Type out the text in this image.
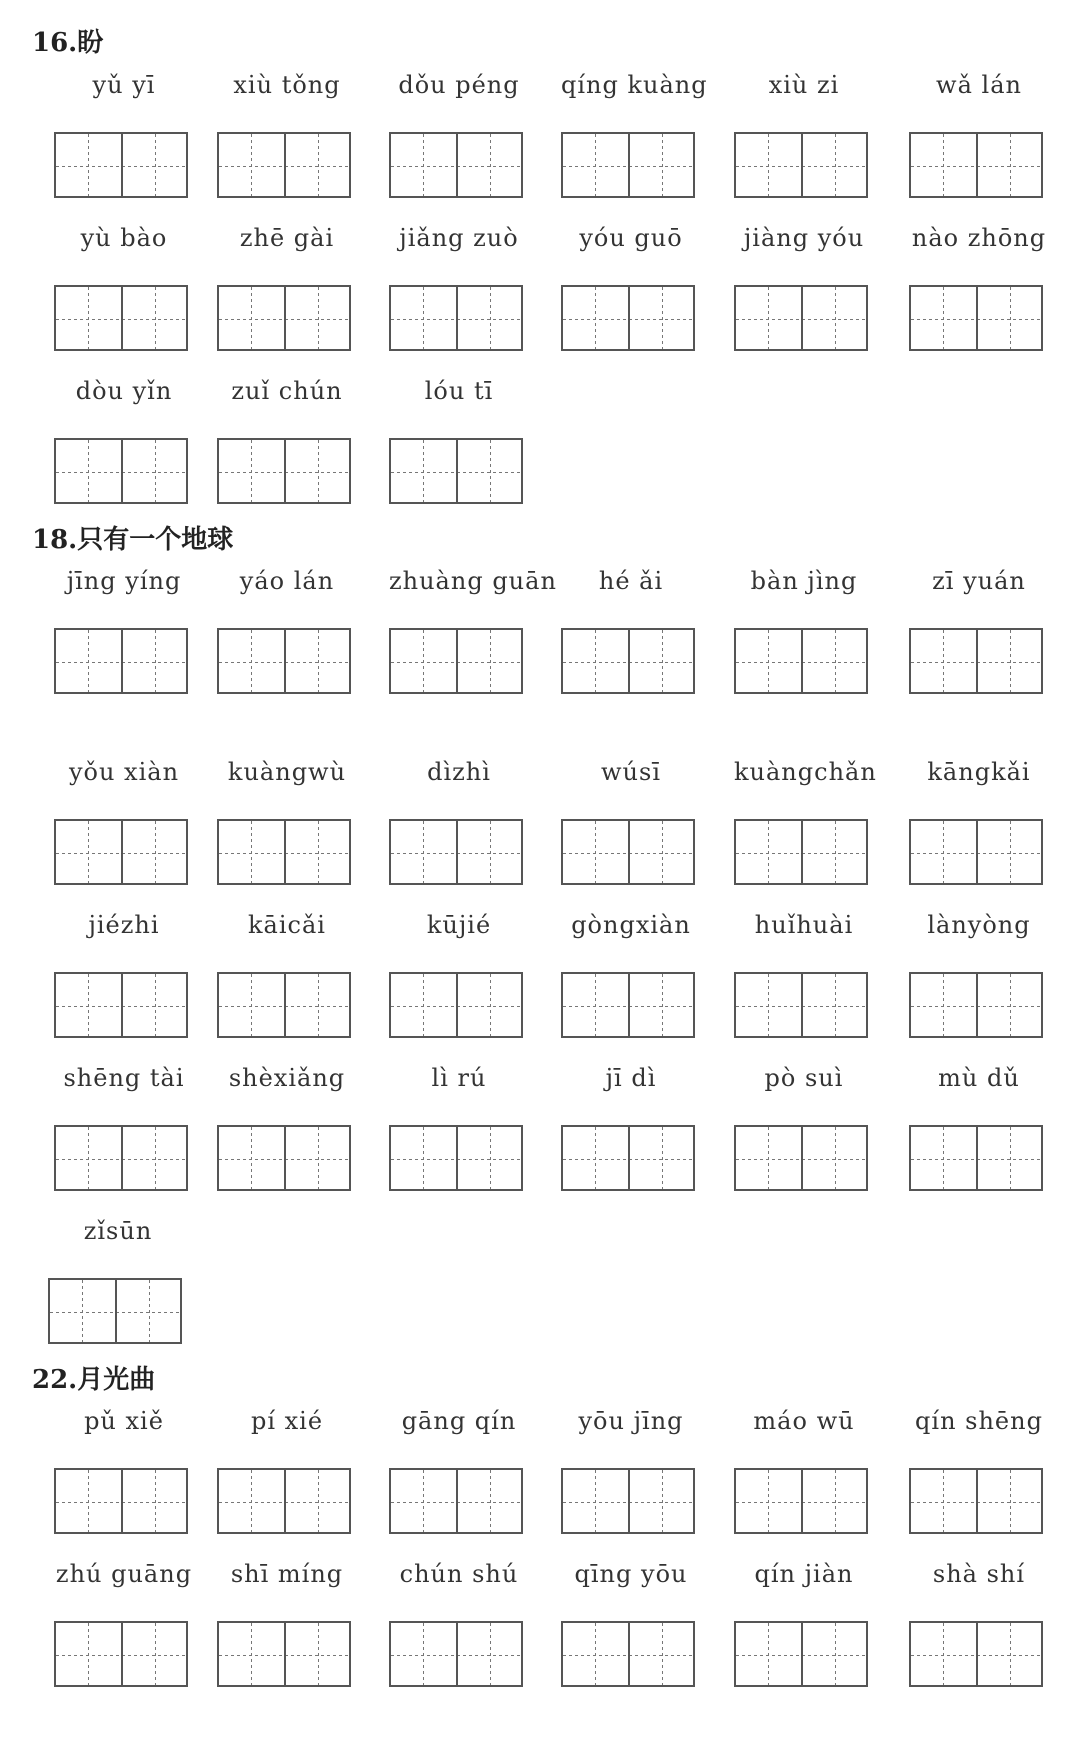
16.盼
yǔ yī	xiù tǒng	dǒu péng	qíng kuàng	xiù zi	wǎ lán
yù bào	zhē gài	jiǎng zuò	yóu guō	jiàng yóu	nào zhōng
dòu yǐn	zuǐ chún	lóu tī
18.只有一个地球
jīng yíng	yáo lán	zhuàng guān	hé ǎi	bàn jìng	zī yuán
yǒu xiàn	kuàngwù	dìzhì	wúsī	kuàngchǎn	kāngkǎi
jiézhi	kāicǎi	kūjié	gòngxiàn	huǐhuài	lànyòng
shēng tài	shèxiǎng	lì rú	jī dì	pò suì	mù dǔ
zǐsūn
22.月光曲
pǔ xiě	pí xié	gāng qín	yōu jīng	máo wū	qín shēng
zhú guāng	shī míng	chún shú	qīng yōu	qín jiàn	shà shí
